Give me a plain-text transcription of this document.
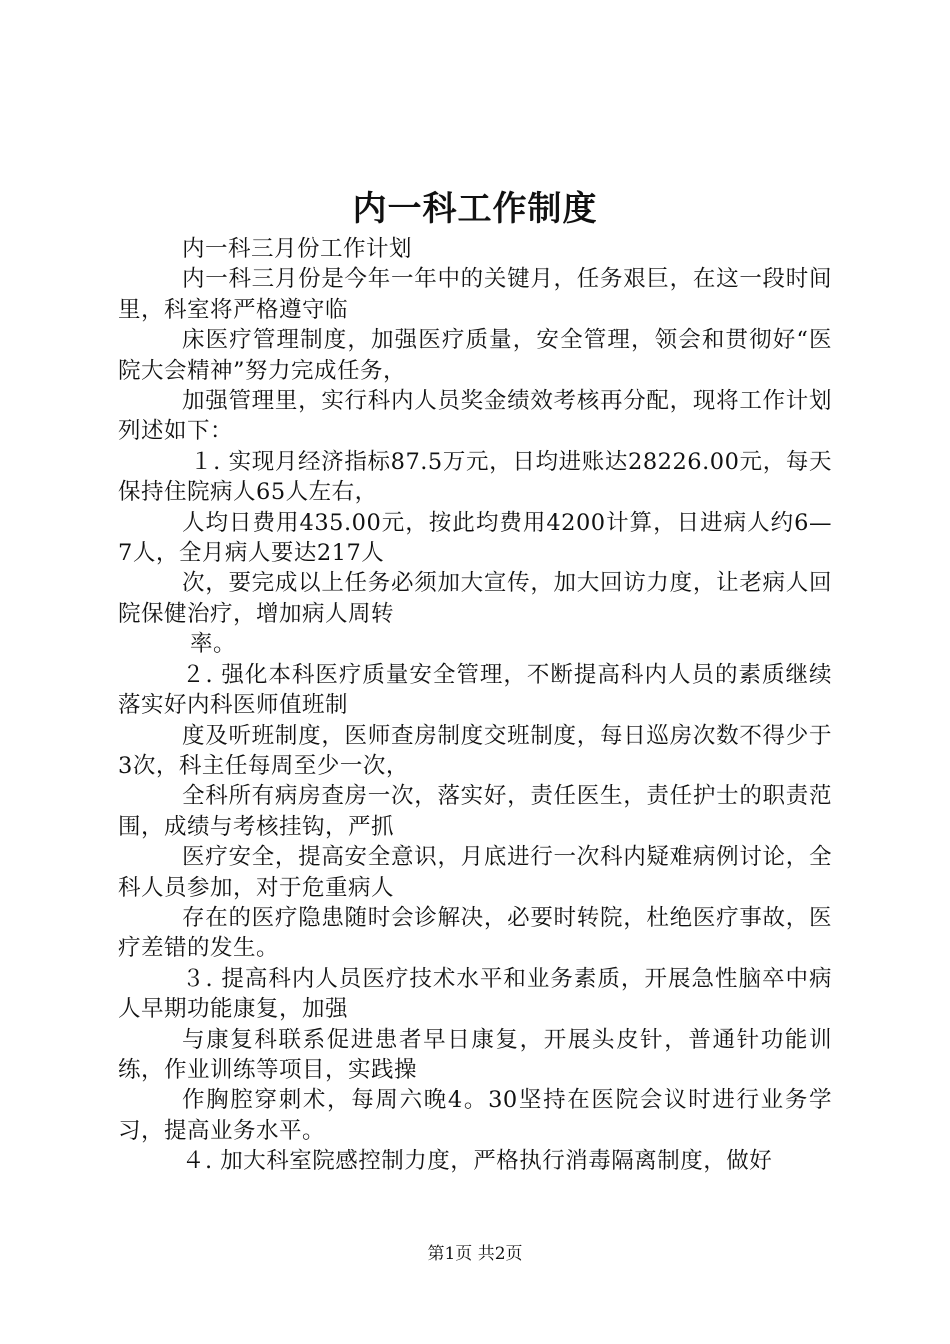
内一科工作制度

内一科三月份工作计划

内一科三月份是今年一年中的关键月，任务艰巨，在这一段时间里，科室将严格遵守临

床医疗管理制度，加强医疗质量，安全管理，领会和贯彻好“医院大会精神”努力完成任务，

加强管理里，实行科内人员奖金绩效考核再分配，现将工作计划列述如下：

１. 实现月经济指标87.5万元，日均进账达28226.00元，每天保持住院病人65人左右，

人均日费用435.00元，按此均费用4200计算，日进病人约6—7人，全月病人要达217人

次，要完成以上任务必须加大宣传，加大回访力度，让老病人回院保健治疗，增加病人周转

率。

２. 强化本科医疗质量安全管理，不断提高科内人员的素质继续落实好内科医师值班制

度及听班制度，医师查房制度交班制度，每日巡房次数不得少于3次，科主任每周至少一次，

全科所有病房查房一次，落实好，责任医生，责任护士的职责范围，成绩与考核挂钩，严抓

医疗安全，提高安全意识，月底进行一次科内疑难病例讨论，全科人员参加，对于危重病人

存在的医疗隐患随时会诊解决，必要时转院，杜绝医疗事故，医疗差错的发生。

３. 提高科内人员医疗技术水平和业务素质，开展急性脑卒中病人早期功能康复，加强

与康复科联系促进患者早日康复，开展头皮针，普通针功能训练，作业训练等项目，实践操

作胸腔穿刺术，每周六晚4。30坚持在医院会议时进行业务学习，提高业务水平。

４. 加大科室院感控制力度，严格执行消毒隔离制度，做好

第1页 共2页
